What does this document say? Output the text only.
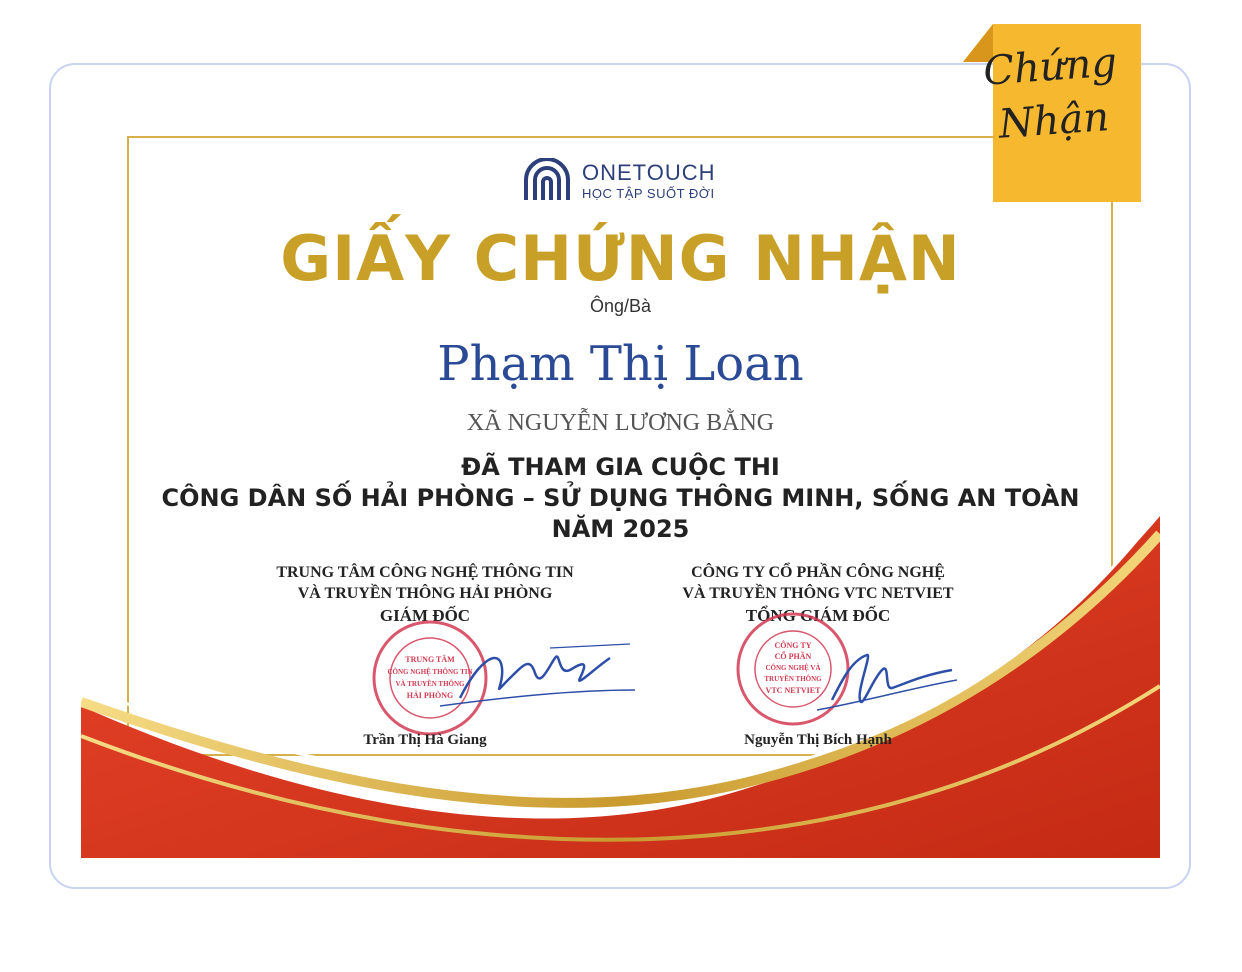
Chứng
Nhận
ONETOUCH
HỌC TẬP SUỐT ĐỜI
GIẤY CHỨNG NHẬN
Ông/Bà
Phạm Thị Loan
XÃ NGUYỄN LƯƠNG BẰNG
ĐÃ THAM GIA CUỘC THI
CÔNG DÂN SỐ HẢI PHÒNG – SỬ DỤNG THÔNG MINH, SỐNG AN TOÀN
NĂM 2025
TRUNG TÂM CÔNG NGHỆ THÔNG TIN
VÀ TRUYỀN THÔNG HẢI PHÒNG
GIÁM ĐỐC
CÔNG TY CỔ PHẦN CÔNG NGHỆ
VÀ TRUYỀN THÔNG VTC NETVIET
TỔNG GIÁM ĐỐC
TRUNG TÂM
CÔNG NGHỆ THÔNG TIN
VÀ TRUYỀN THÔNG
HẢI PHÒNG
CÔNG TY
CỔ PHẦN
CÔNG NGHỆ VÀ
TRUYỀN THÔNG
VTC NETVIET
Trần Thị Hà Giang	Nguyễn Thị Bích Hạnh
